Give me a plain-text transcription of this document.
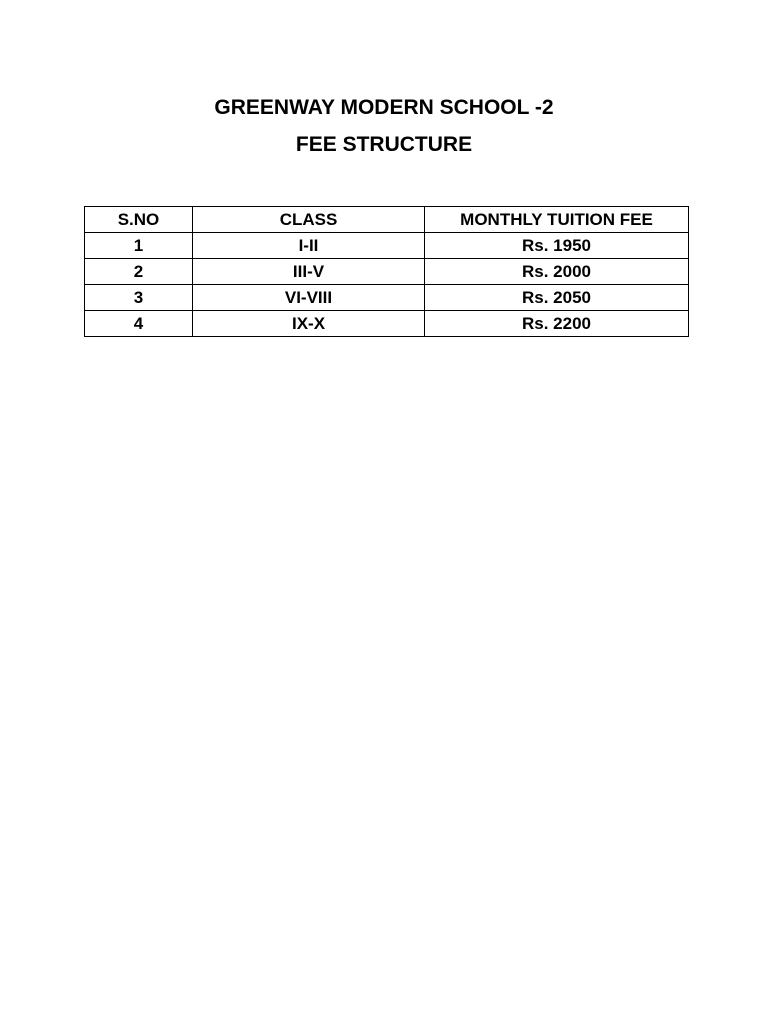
GREENWAY MODERN SCHOOL -2
FEE STRUCTURE
S.NO	CLASS	MONTHLY TUITION FEE
1	I-II	Rs. 1950
2	III-V	Rs. 2000
3	VI-VIII	Rs. 2050
4	IX-X	Rs. 2200
